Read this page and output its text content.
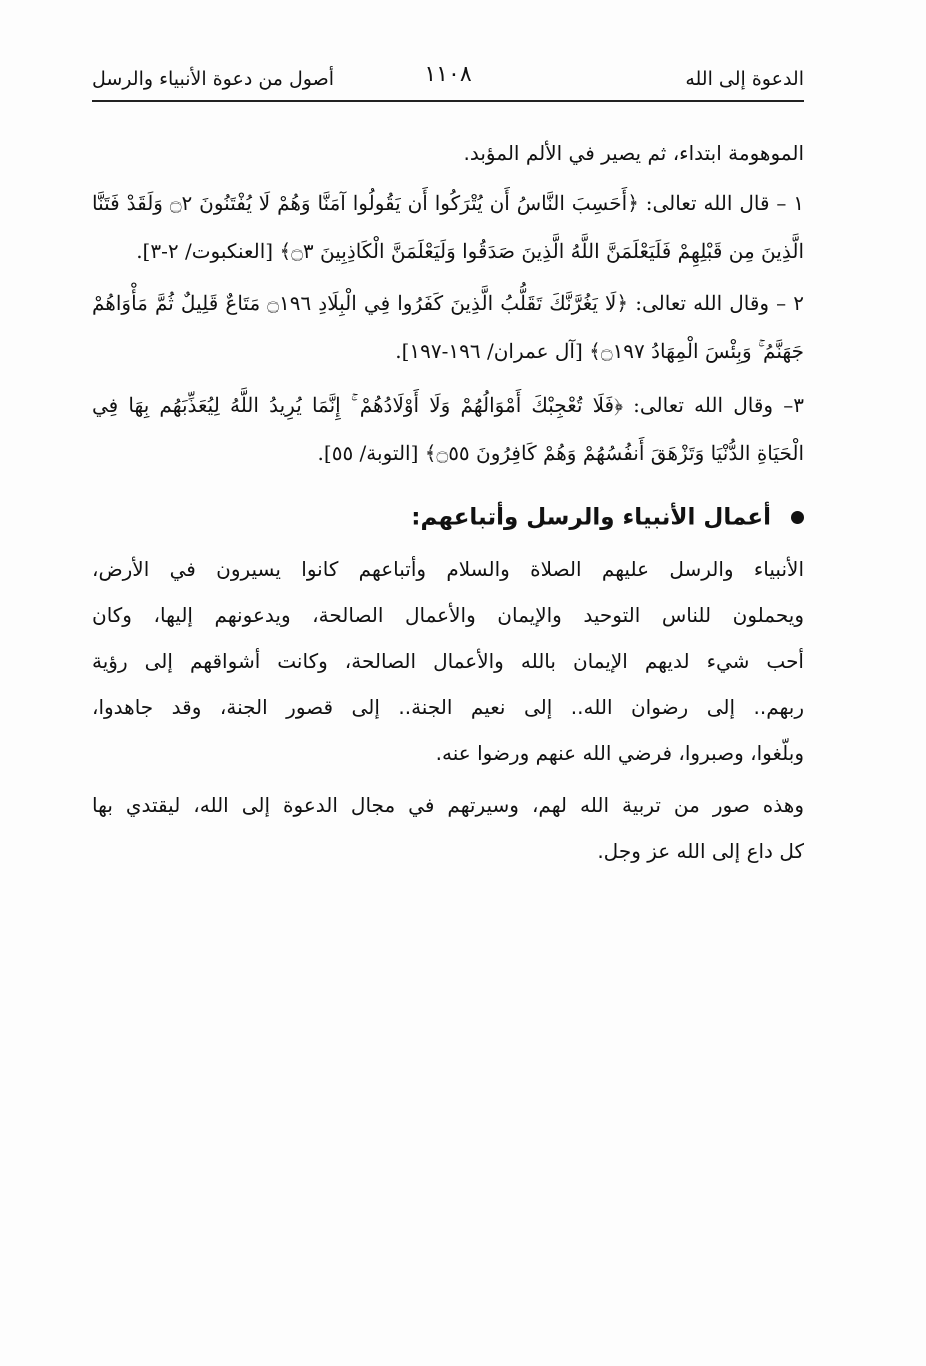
الدعوة إلى الله
١١٠٨
أصول من دعوة الأنبياء والرسل
الموهومة ابتداء، ثم يصير في الألم المؤبد.
١ – قال الله تعالى: ﴿أَحَسِبَ النَّاسُ أَن يُتْرَكُوا أَن يَقُولُوا آمَنَّا وَهُمْ لَا يُفْتَنُونَ ۝٢ وَلَقَدْ فَتَنَّا
الَّذِينَ مِن قَبْلِهِمْ فَلَيَعْلَمَنَّ اللَّهُ الَّذِينَ صَدَقُوا وَلَيَعْلَمَنَّ الْكَاذِبِينَ ۝٣﴾ [العنكبوت/ ٢-٣].
٢ – وقال الله تعالى: ﴿لَا يَغُرَّنَّكَ تَقَلُّبُ الَّذِينَ كَفَرُوا فِي الْبِلَادِ ۝١٩٦ مَتَاعٌ قَلِيلٌ ثُمَّ مَأْوَاهُمْ
جَهَنَّمُ ۚ وَبِئْسَ الْمِهَادُ ۝١٩٧﴾ [آل عمران/ ١٩٦-١٩٧].
٣– وقال الله تعالى: ﴿فَلَا تُعْجِبْكَ أَمْوَالُهُمْ وَلَا أَوْلَادُهُمْ ۚ إِنَّمَا يُرِيدُ اللَّهُ لِيُعَذِّبَهُم بِهَا فِي
الْحَيَاةِ الدُّنْيَا وَتَزْهَقَ أَنفُسُهُمْ وَهُمْ كَافِرُونَ ۝٥٥﴾ [التوبة/ ٥٥].
أعمال الأنبياء والرسل وأتباعهم:
الأنبياء والرسل عليهم الصلاة والسلام وأتباعهم كانوا يسيرون في الأرض،
ويحملون للناس التوحيد والإيمان والأعمال الصالحة، ويدعونهم إليها، وكان
أحب شيء لديهم الإيمان بالله والأعمال الصالحة، وكانت أشواقهم إلى رؤية
ربهم.. إلى رضوان الله.. إلى نعيم الجنة.. إلى قصور الجنة، وقد جاهدوا،
وبلّغوا، وصبروا، فرضي الله عنهم ورضوا عنه.
وهذه صور من تربية الله لهم، وسيرتهم في مجال الدعوة إلى الله، ليقتدي بها
كل داع إلى الله عز وجل.
